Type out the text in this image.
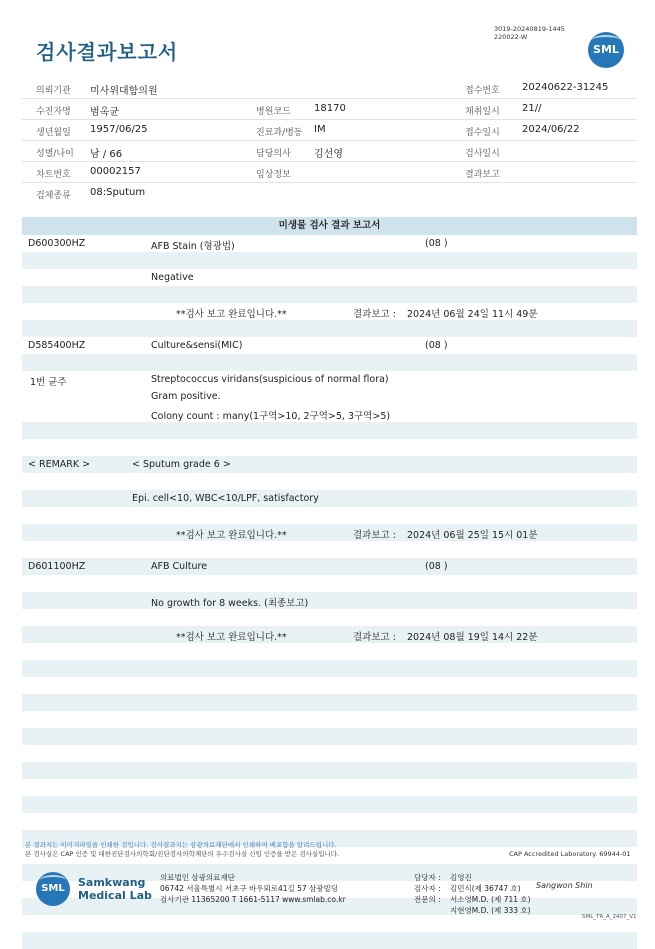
검사결과보고서
3019-20240819-1445
220022-W
SML
의뢰기관 미사위대함의원	접수번호 20240622-31245
수진자명 범옥균	병원코드 18170	채취일시 21//
생년월일 1957/06/25	진료과/병동 IM	접수일시 2024/06/22
성별/나이 남 / 66	담당의사 김선영	검사일시
차트번호 00002157	임상정보	결과보고
검체종류 08:Sputum
미생물 검사 결과 보고서
D600300HZ	AFB Stain (형광법)	(08 )
Negative
**검사 보고 완료입니다.**	결과보고 : 2024년 06월 24일 11시 49분
D585400HZ	Culture&sensi(MIC)	(08 )
1번 균주	Streptococcus viridans(suspicious of normal flora)
Gram positive.
Colony count : many(1구역>10, 2구역>5, 3구역>5)
< REMARK >	< Sputum grade 6 >
Epi. cell<10, WBC<10/LPF, satisfactory
**검사 보고 완료입니다.**	결과보고 : 2024년 06월 25일 15시 01분
D601100HZ	AFB Culture	(08 )
No growth for 8 weeks. (최종보고)
**검사 보고 완료입니다.**	결과보고 : 2024년 08월 19일 14시 22분
본 결과지는 이미지파일을 인쇄한 것입니다. 검사결과지는 삼광의료재단에서 인쇄하여 배포함을 알려드립니다.
본 검사실은 CAP 인증 및 대한진단검사의학회/진단검사의학재단의 우수검사실 신임 인증을 받은 검사실입니다.	CAP Accredited Laboratory. 69944-01
SML	Samkwang
Medical Lab
의료법인 삼광의료재단
06742 서울특별시 서초구 바우뫼로41길 57 삼광빌딩
검사기관 11365200 T 1661-5117 www.smlab.co.kr
담당자 : 김영진
검사자 : 김민식(제 36747 호)
전문의 : 서소영M.D. (제 711 호)
지현영M.D. (제 333 호)
Sangwon Shin
SML_TR_A_2407_V1
